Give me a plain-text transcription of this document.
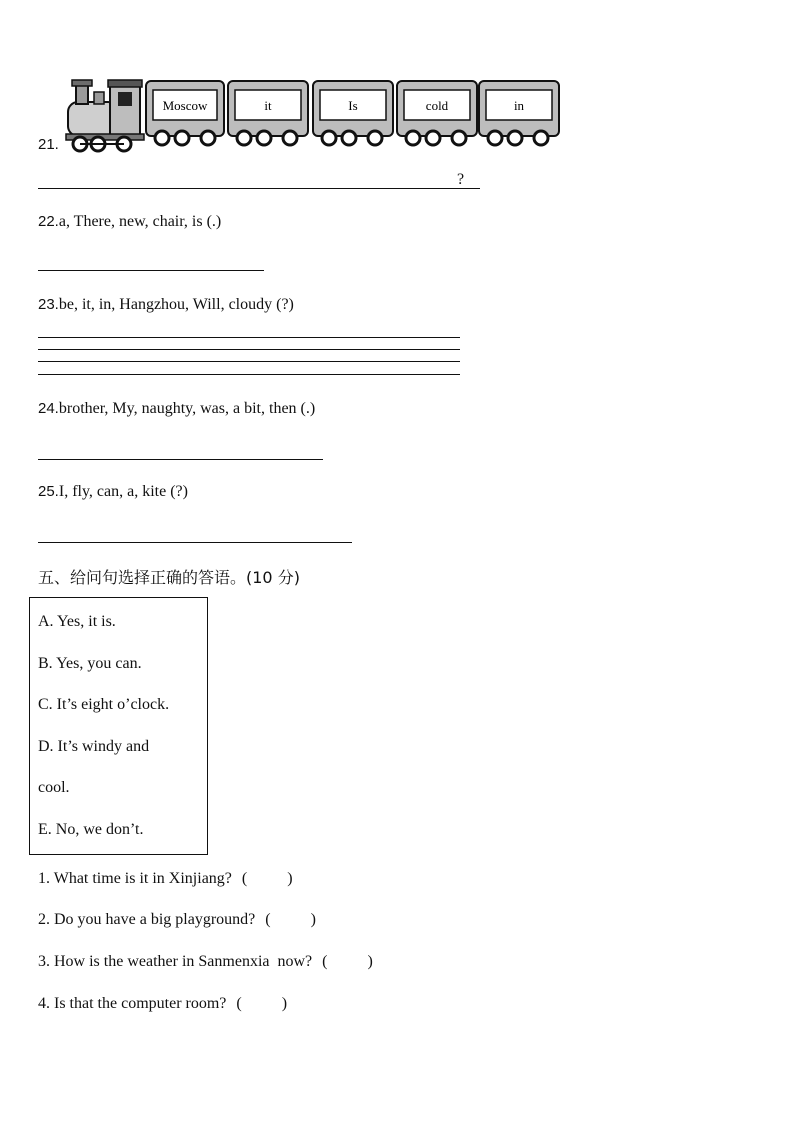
21.
Moscow	it	Is	cold	in
?
22.a, There, new, chair, is (.)
23.be, it, in, Hangzhou, Will, cloudy (?)
24.brother, My, naughty, was, a bit, then (.)
25.I, fly, can, a, kite (?)
五、给问句选择正确的答语。(10 分)
A. Yes, it is.
B. Yes, you can.
C. It’s eight o’clock.
D. It’s windy and
cool.
E. No, we don’t.
1. What time is it in Xinjiang? (          )
2. Do you have a big playground? (          )
3. How is the weather in Sanmenxia  now? (          )
4. Is that the computer room? (          )
